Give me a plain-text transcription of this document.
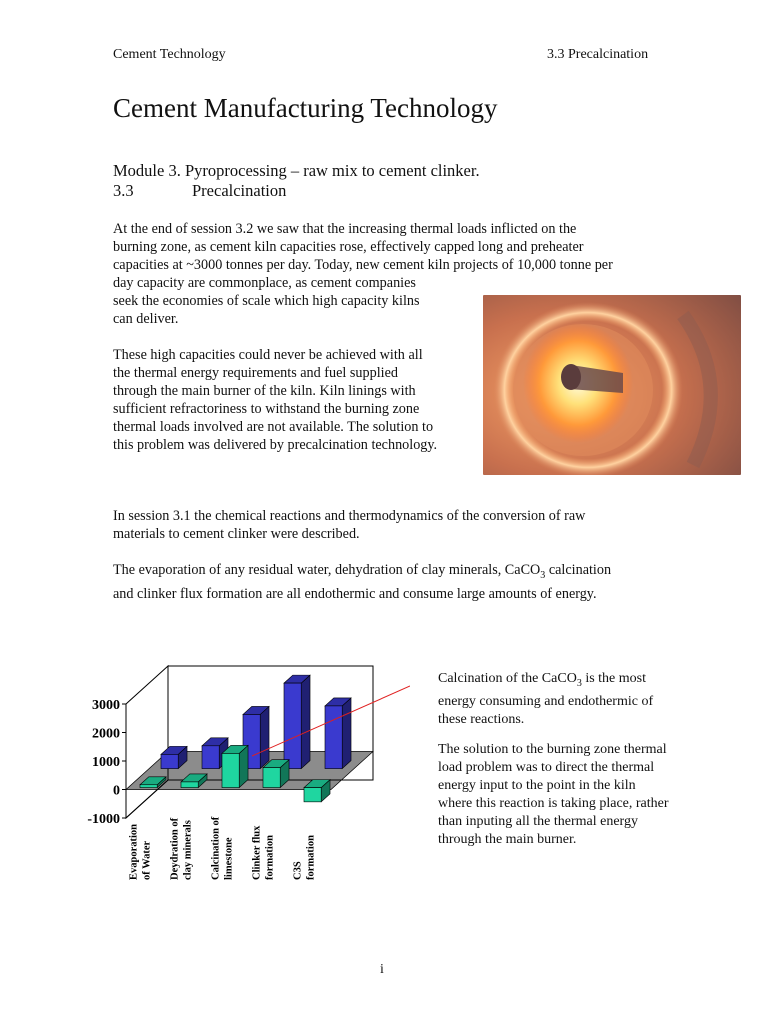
Cement Technology	3.3 Precalcination
Cement Manufacturing Technology
Module 3. Pyroprocessing – raw mix to cement clinker.
3.3	Precalcination

At the end of session 3.2 we saw that the increasing thermal loads inflicted on the

burning zone, as cement kiln capacities rose, effectively capped long and preheater

capacities at ~3000 tonnes per day. Today, new cement kiln projects of 10,000 tonne per

day capacity are commonplace, as cement companies

seek the economies of scale which high capacity kilns

can deliver.

These high capacities could never be achieved with all

the thermal energy requirements and fuel supplied

through the main burner of the kiln. Kiln linings with

sufficient refractoriness to withstand the burning zone

thermal loads involved are not available. The solution to

this problem was delivered by precalcination technology.

In session 3.1 the chemical reactions and thermodynamics of the conversion of raw

materials to cement clinker were described.

The evaporation of any residual water, dehydration of clay minerals, CaCO$_3$ calcination

and clinker flux formation are all endothermic and consume large amounts of energy.

3000
2000
1000
0
-1000
Evaporation of Water Deydration of clay minerals Calcination of limestone Clinker flux formation C3S formation

Calcination of the CaCO$_3$ is the most

energy consuming and endothermic of

these reactions.

The solution to the burning zone thermal

load problem was to direct the thermal

energy input to the point in the kiln

where this reaction is taking place, rather

than inputing all the thermal energy

through the main burner.

i
